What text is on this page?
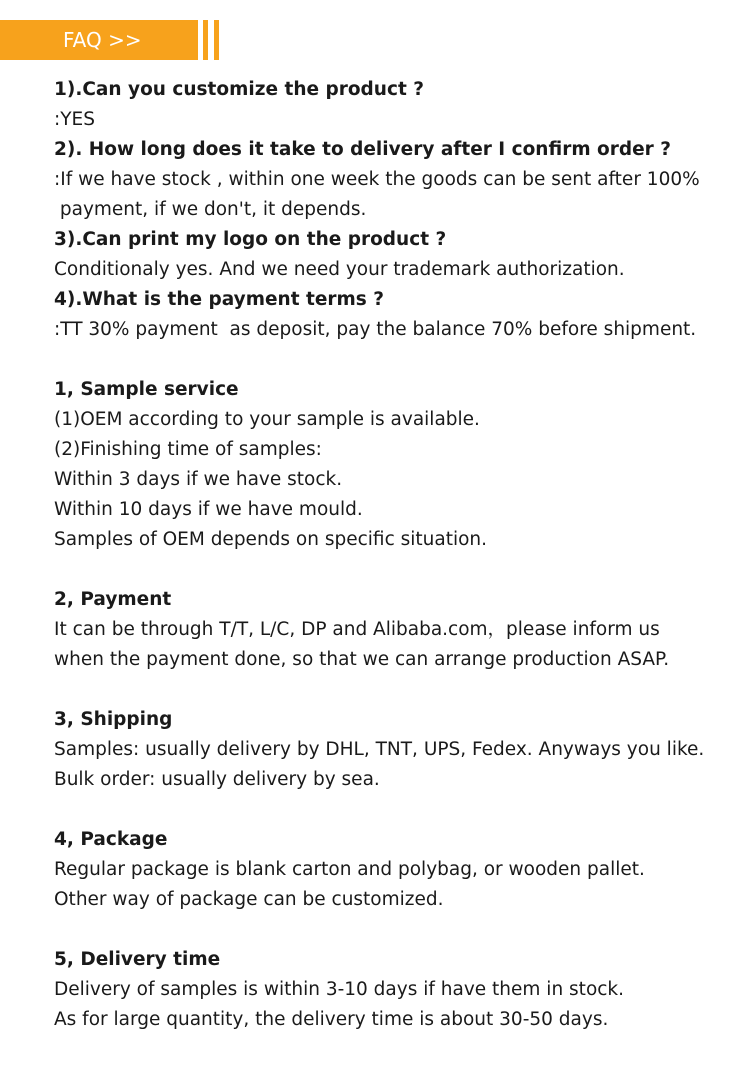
FAQ >>
1).Can you customize the product ?
:YES
2). How long does it take to delivery after I confirm order ?
:If we have stock , within one week the goods can be sent after 100%
payment, if we don't, it depends.
3).Can print my logo on the product ?
Conditionaly yes. And we need your trademark authorization.
4).What is the payment terms ?
:TT 30% payment  as deposit, pay the balance 70% before shipment.
1, Sample service
(1)OEM according to your sample is available.
(2)Finishing time of samples:
Within 3 days if we have stock.
Within 10 days if we have mould.
Samples of OEM depends on specific situation.
2, Payment
It can be through T/T, L/C, DP and Alibaba.com，please inform us
when the payment done, so that we can arrange production ASAP.
3, Shipping
Samples: usually delivery by DHL, TNT, UPS, Fedex. Anyways you like.
Bulk order: usually delivery by sea.
4, Package
Regular package is blank carton and polybag, or wooden pallet.
Other way of package can be customized.
5, Delivery time
Delivery of samples is within 3-10 days if have them in stock.
As for large quantity, the delivery time is about 30-50 days.
